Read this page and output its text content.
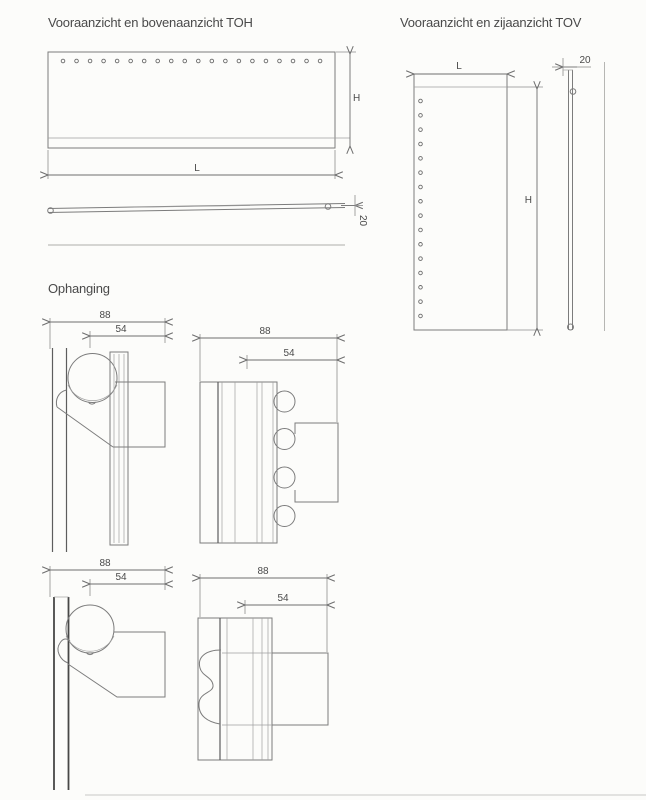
Vooraanzicht en bovenaanzicht TOH	Vooraanzicht en zijaanzicht TOV
Ophanging
H
L
20
L
H
20
88
54	88
54
88
54
88
54
